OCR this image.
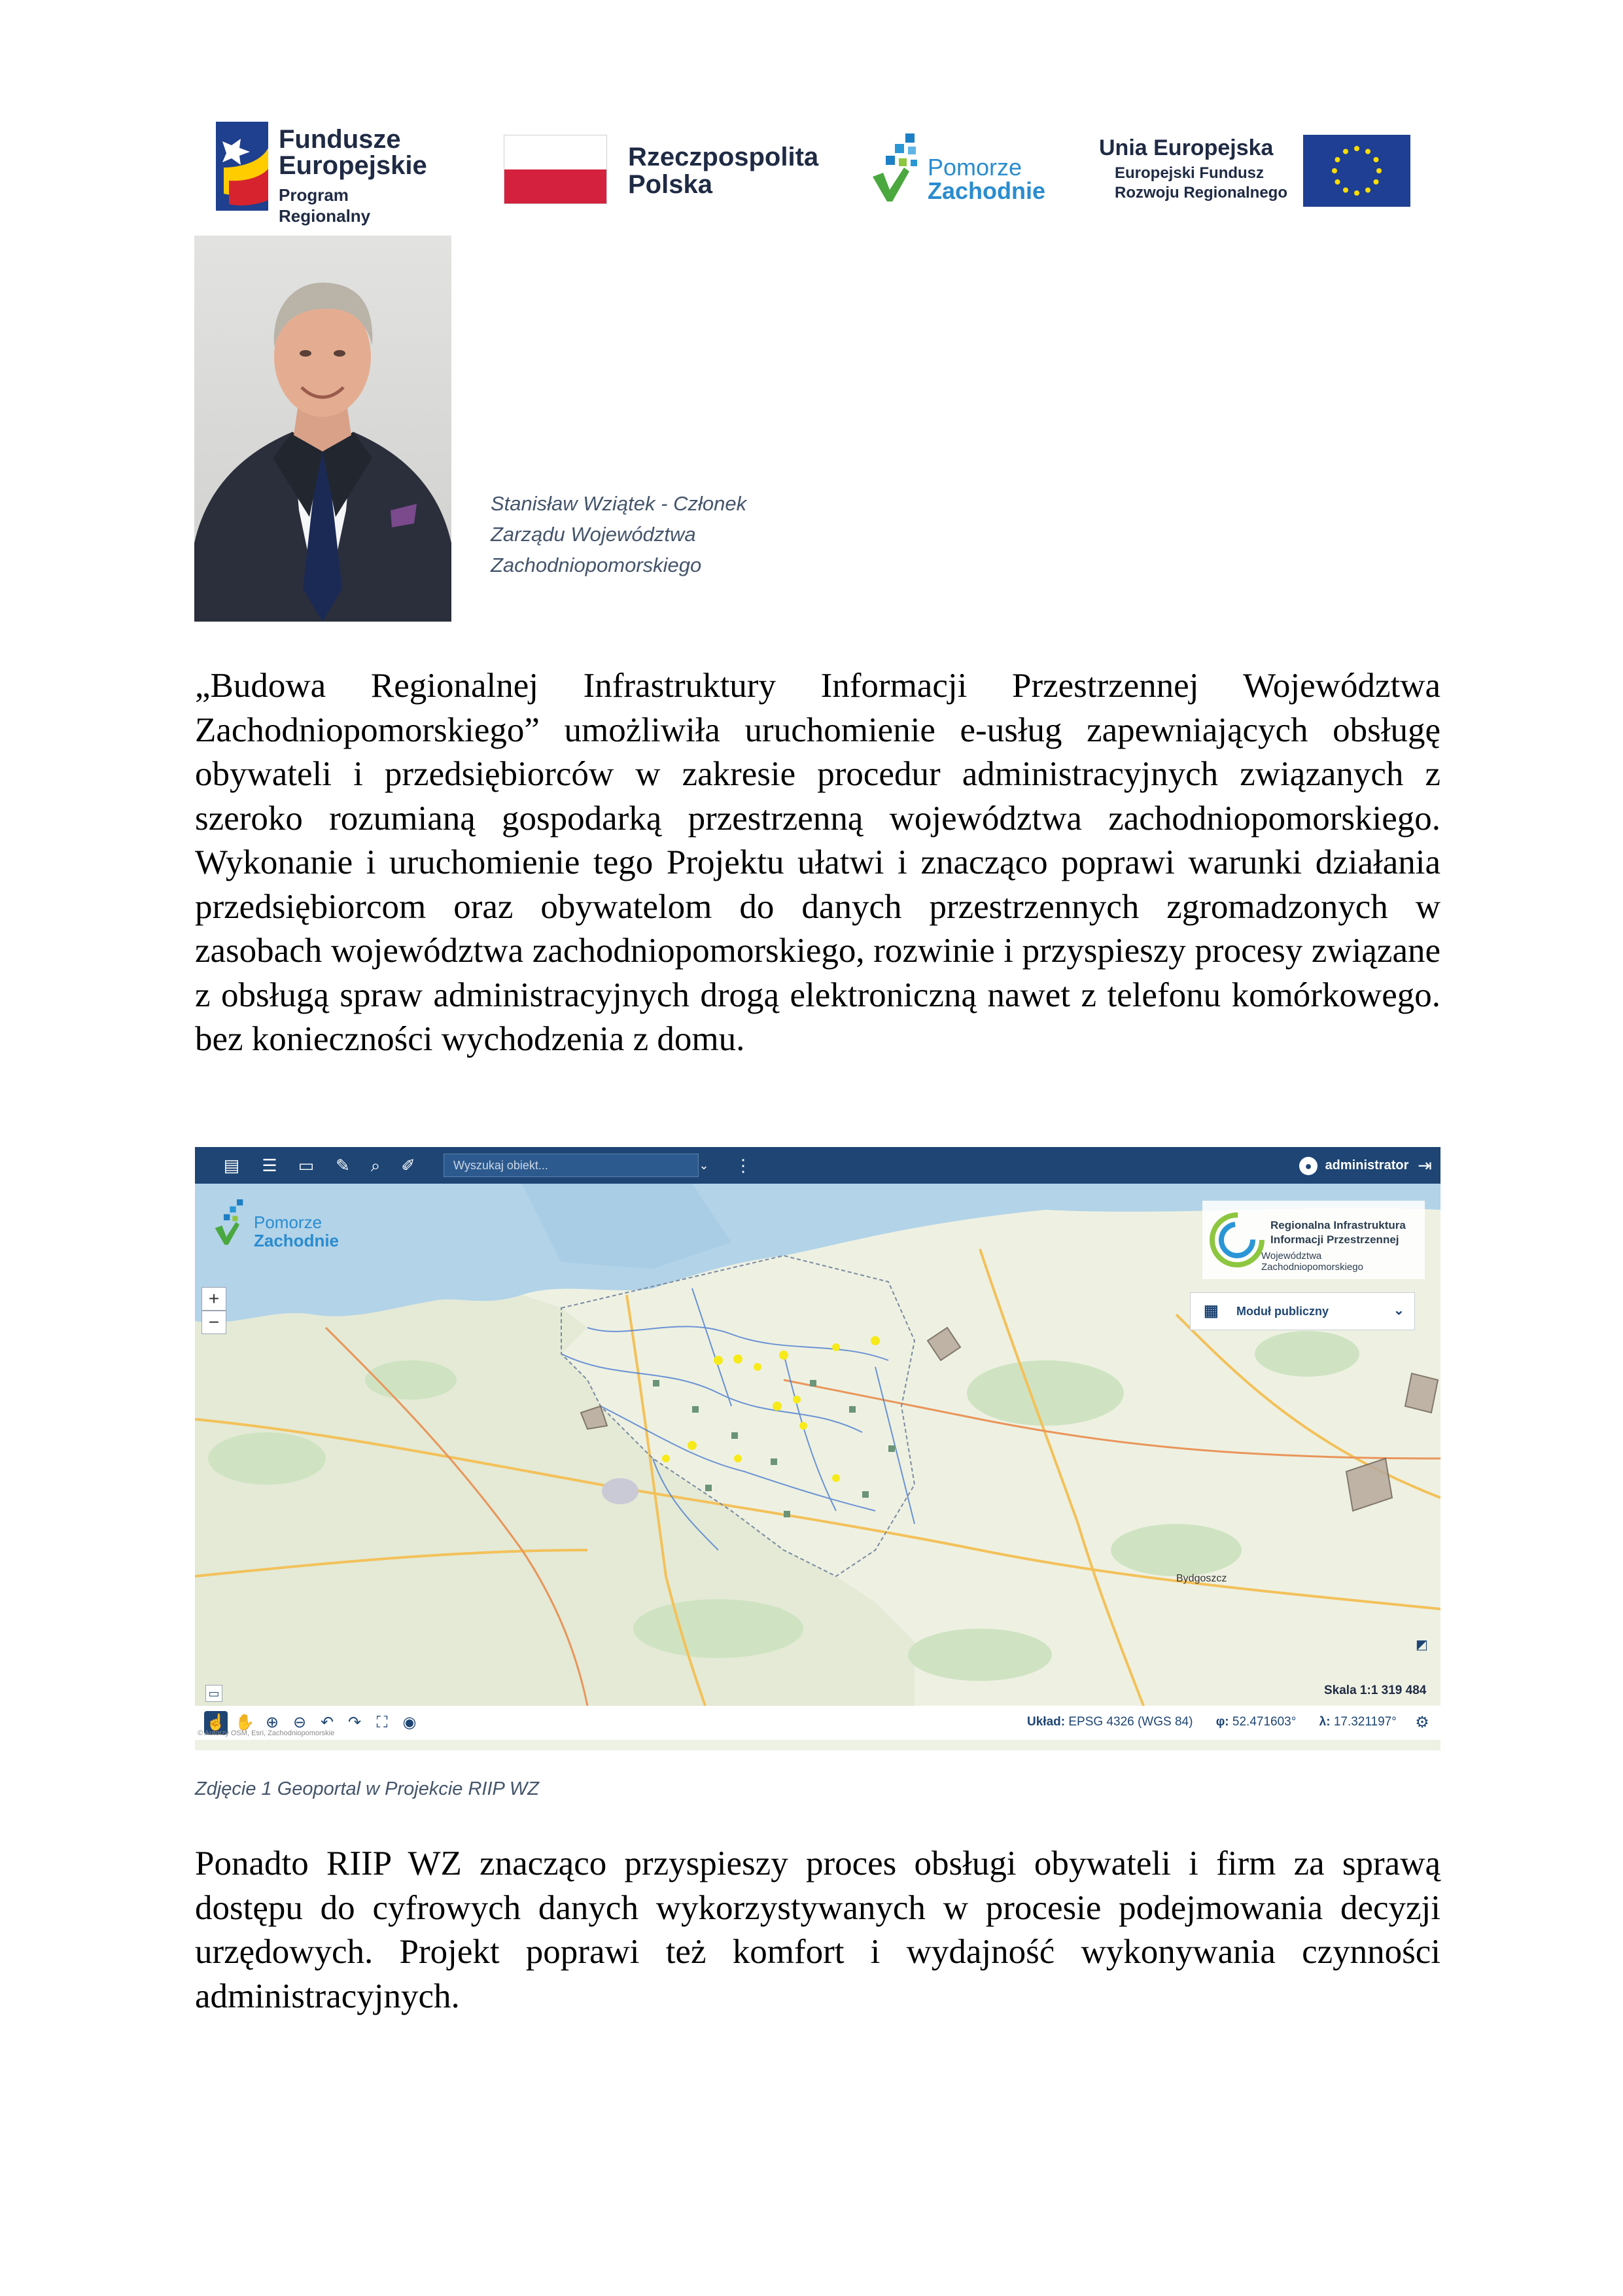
Fundusze
Europejskie
Program Regionalny
Rzeczpospolita
Polska
Pomorze
Zachodnie
Unia Europejska
Europejski Fundusz
Rozwoju Regionalnego
Stanisław Wziątek - Członek
Zarządu Województwa
Zachodniopomorskiego
„Budowa Regionalnej Infrastruktury Informacji Przestrzennej Województwa Zachodniopomorskiego” umożliwiła uruchomienie e-usług zapewniających obsługę obywateli i przedsiębiorców w zakresie procedur administracyjnych związanych z szeroko rozumianą gospodarką przestrzenną województwa zachodniopomorskiego. Wykonanie i uruchomienie tego Projektu ułatwi i znacząco poprawi warunki działania przedsiębiorcom oraz obywatelom do danych przestrzennych zgromadzonych w zasobach województwa zachodniopomorskiego, rozwinie i przyspieszy procesy związane z obsługą spraw administracyjnych drogą elektroniczną nawet z telefonu komórkowego. bez konieczności wychodzenia z domu.
Bydgoszcz
▤ ☰ ▭ ✎	⌕	✐	Wyszukaj obiekt...	⌄	⋮	● administrator ⇥
Pomorze
Zachodnie
Regionalna Infrastruktura
Informacji Przestrzennej
Województwa Zachodniopomorskiego
▦ Moduł publiczny	⌄
+
−
◩
▭	Skala 1:1 319 484
☝ ✋ ⊕ ⊖ ↶ ↷ ⛶ ◉
© Autorzy OSM, Esri, Zachodniopomorskie
Układ: EPSG 4326 (WGS 84) φ: 52.471603° λ: 17.321197°	⚙
Zdjęcie 1 Geoportal w Projekcie RIIP WZ
Ponadto RIIP WZ znacząco przyspieszy proces obsługi obywateli i firm za sprawą dostępu do cyfrowych danych wykorzystywanych w procesie podejmowania decyzji urzędowych. Projekt poprawi też komfort i wydajność wykonywania czynności administracyjnych.
